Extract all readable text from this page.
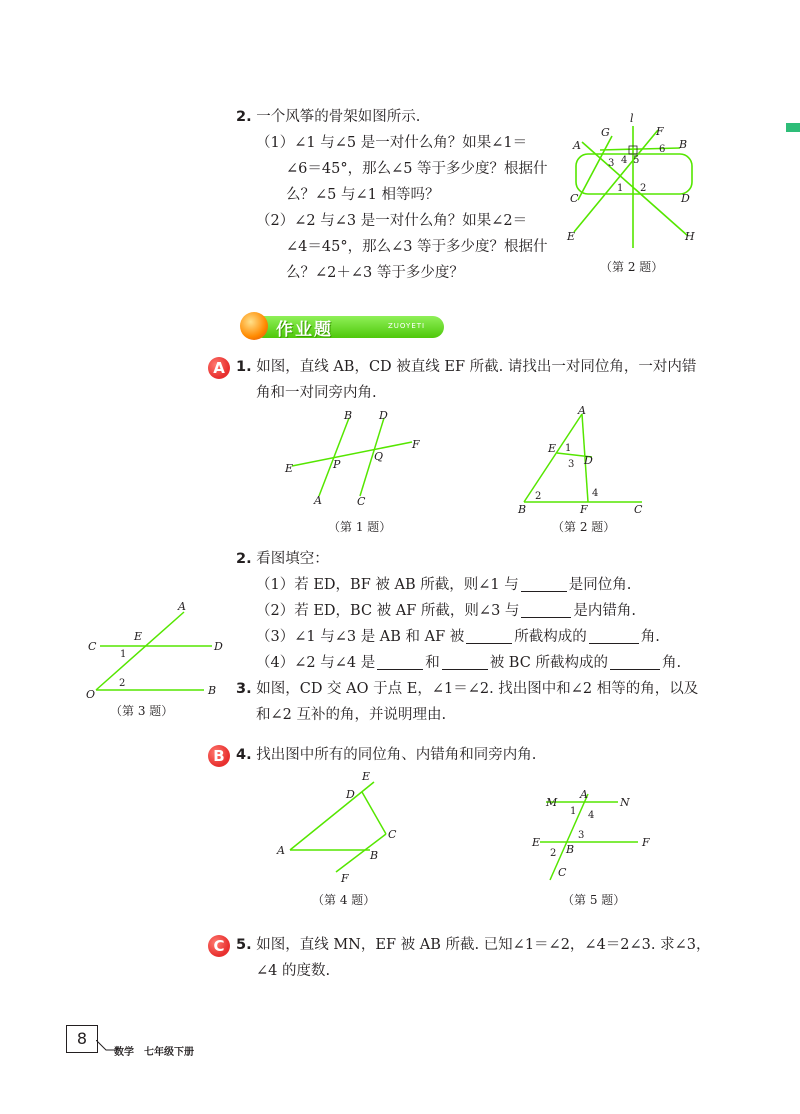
2. 一个风筝的骨架如图所示.
（1）∠1 与∠5 是一对什么角？如果∠1＝
∠6＝45°，那么∠5 等于多少度？根据什
么？∠5 与∠1 相等吗？
（2）∠2 与∠3 是一对什么角？如果∠2＝
∠4＝45°，那么∠3 等于多少度？根据什
么？∠2＋∠3 等于多少度？
l
G	F
A	B
C	D
E	H
3 4 5
6
1 2
（第 2 题）
作业题	ZUOYETI
A 1. 如图，直线 AB，CD 被直线 EF 所截. 请找出一对同位角，一对内错
角和一对同旁内角.
B D
F
E	P
Q
A	C
（第 1 题）
A
E
D
B	F	C
1
3
2	4
（第 2 题）
2. 看图填空：
（1）若 ED，BF 被 AB 所截，则∠1 与	是同位角.
（2）若 ED，BC 被 AF 所截，则∠3 与	是内错角.
（3）∠1 与∠3 是 AB 和 AF 被	所截构成的	角.
（4）∠2 与∠4 是	和	被 BC 所截构成的	角.
A
E
C	D
O	B
1
2
（第 3 题）
3. 如图，CD 交 AO 于点 E，∠1＝∠2. 找出图中和∠2 相等的角，以及
和∠2 互补的角，并说明理由.
B 4. 找出图中所有的同位角、内错角和同旁内角.
E
D
C
A	B
F
（第 4 题）
M
A
N
E
B
F
C
1 4
3
2
（第 5 题）
C 5. 如图，直线 MN，EF 被 AB 所截. 已知∠1＝∠2，∠4＝2∠3. 求∠3，
∠4 的度数.
8
数学　七年级下册
